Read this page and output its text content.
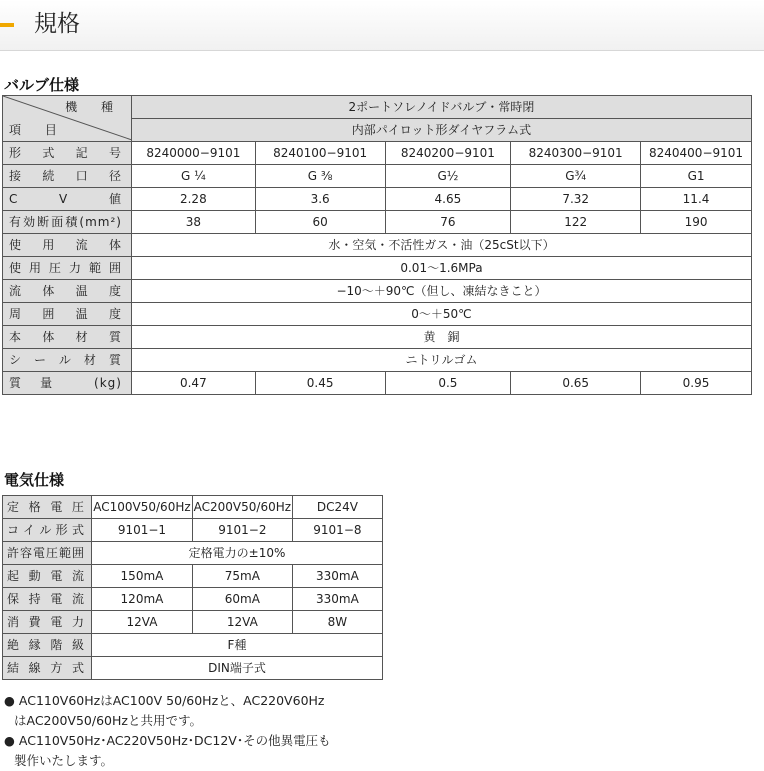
規格
バルブ仕様
機 種
項 目	2ポートソレノイドバルブ・常時閉				
	内部パイロット形ダイヤフラム式				
形式記号	8240000−9101	8240100−9101	8240200−9101	8240300−9101	8240400−9101
接続口径	G ¼	G ⅜	G½	G¾	G1
C V 値	2.28	3.6	4.65	7.32	11.4
有効断面積(mm²)	38	60	76	122	190
使用流体	水・空気・不活性ガス・油（25cSt以下）				
使用圧力範囲	0.01〜1.6MPa				
流体温度	−10〜＋90℃（但し、凍結なきこと）				
周囲温度	0〜＋50℃				
本体材質	黄　銅				
シール材質	ニトリルゴム				
質量 (kg)	0.47	0.45	0.5	0.65	0.95
電気仕様
定格電圧	AC100V50/60Hz	AC200V50/60Hz	DC24V
コイル形式	9101−1	9101−2	9101−8
許容電圧範囲	定格電力の±10%		
起動電流	150mA	75mA	330mA
保持電流	120mA	60mA	330mA
消費電力	12VA	12VA	8W
絶縁階級	F種		
結線方式	DIN端子式		
● AC110V60HzはAC100V 50/60Hzと、AC220V60Hz
はAC200V50/60Hzと共用です。
● AC110V50Hz･AC220V50Hz･DC12V･その他異電圧も
製作いたします。
